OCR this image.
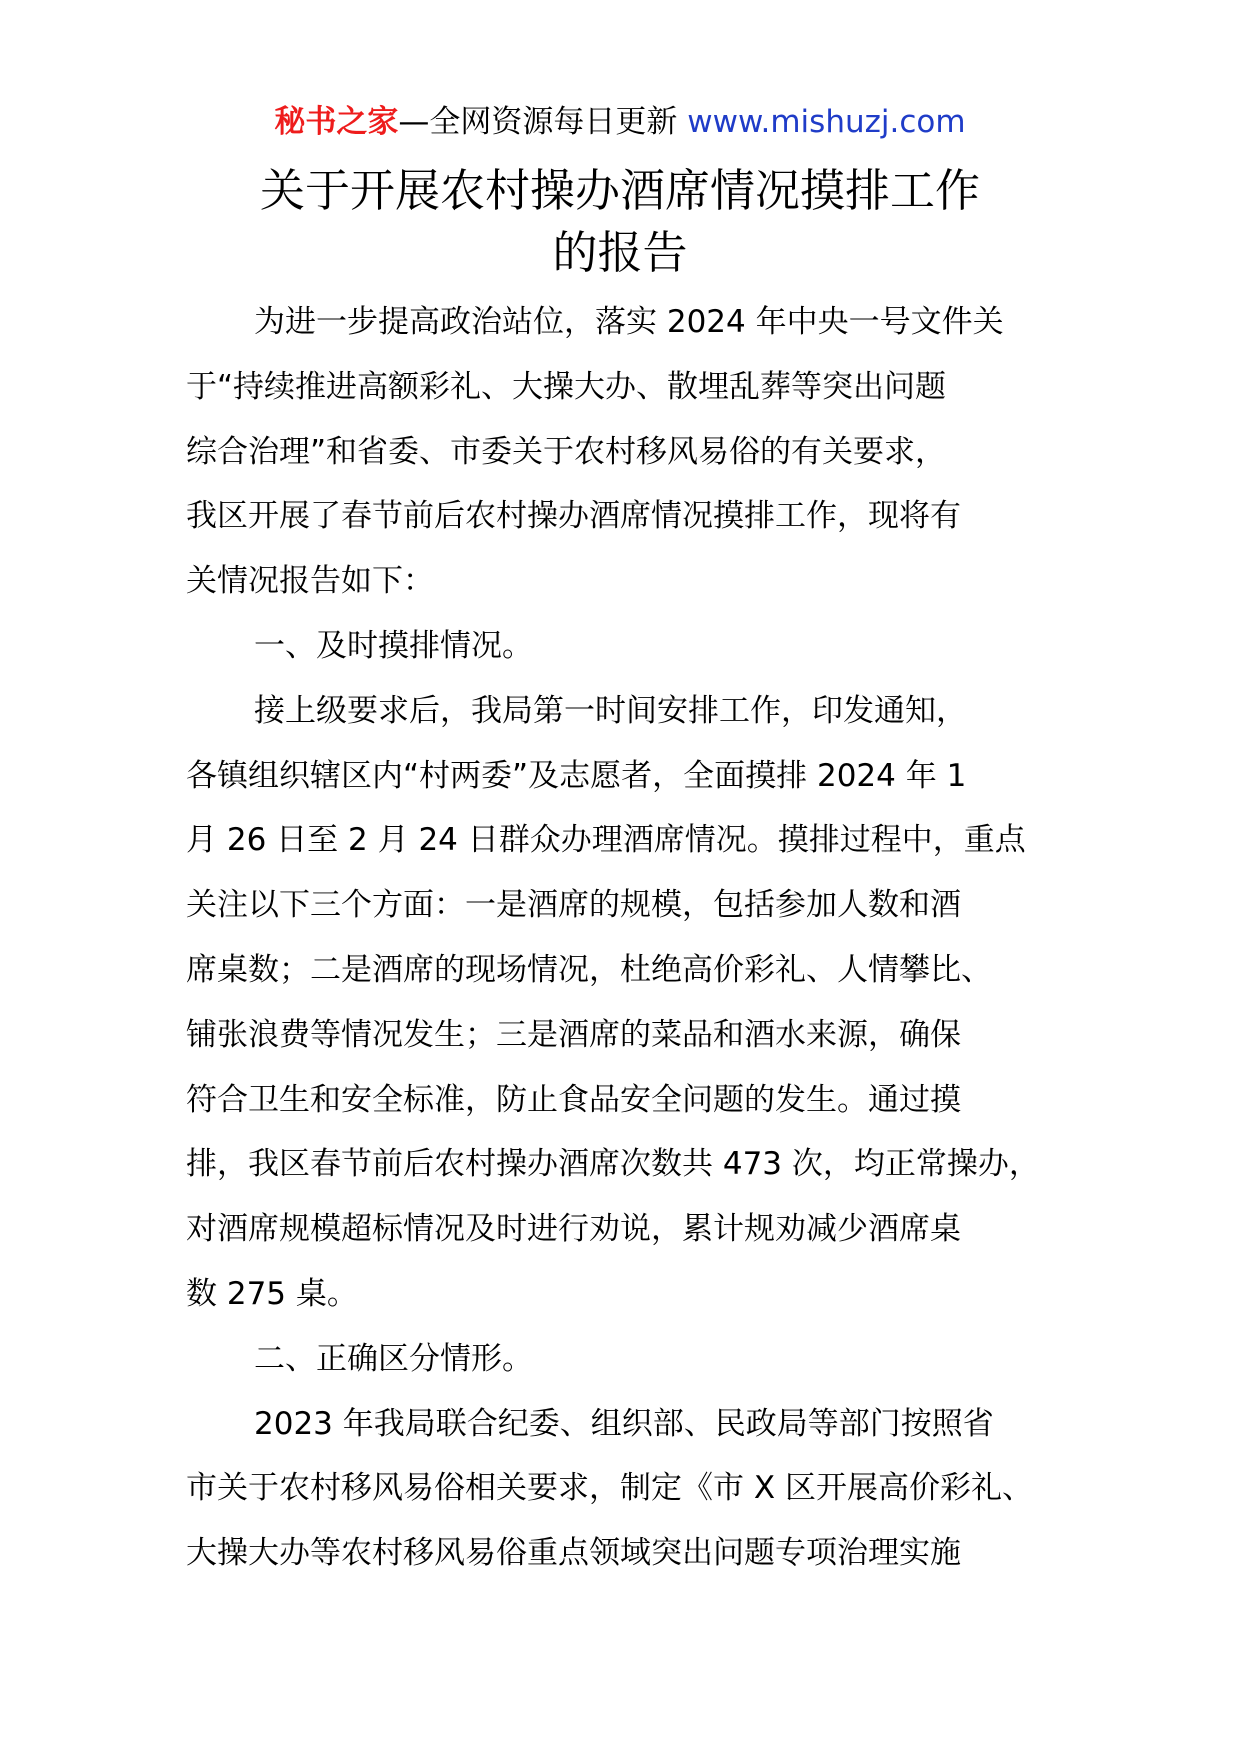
秘书之家—全网资源每日更新 www.mishuzj.com
关于开展农村操办酒席情况摸排工作
的报告
为进一步提高政治站位，落实 2024 年中央一号文件关
于“持续推进高额彩礼、大操大办、散埋乱葬等突出问题
综合治理”和省委、市委关于农村移风易俗的有关要求，
我区开展了春节前后农村操办酒席情况摸排工作，现将有
关情况报告如下：
一、及时摸排情况。
接上级要求后，我局第一时间安排工作，印发通知，
各镇组织辖区内“村两委”及志愿者，全面摸排 2024 年 1
月 26 日至 2 月 24 日群众办理酒席情况。摸排过程中，重点
关注以下三个方面：一是酒席的规模，包括参加人数和酒
席桌数；二是酒席的现场情况，杜绝高价彩礼、人情攀比、
铺张浪费等情况发生；三是酒席的菜品和酒水来源，确保
符合卫生和安全标准，防止食品安全问题的发生。通过摸
排，我区春节前后农村操办酒席次数共 473 次，均正常操办，
对酒席规模超标情况及时进行劝说，累计规劝减少酒席桌
数 275 桌。
二、正确区分情形。
2023 年我局联合纪委、组织部、民政局等部门按照省
市关于农村移风易俗相关要求，制定《市 X 区开展高价彩礼、
大操大办等农村移风易俗重点领域突出问题专项治理实施
